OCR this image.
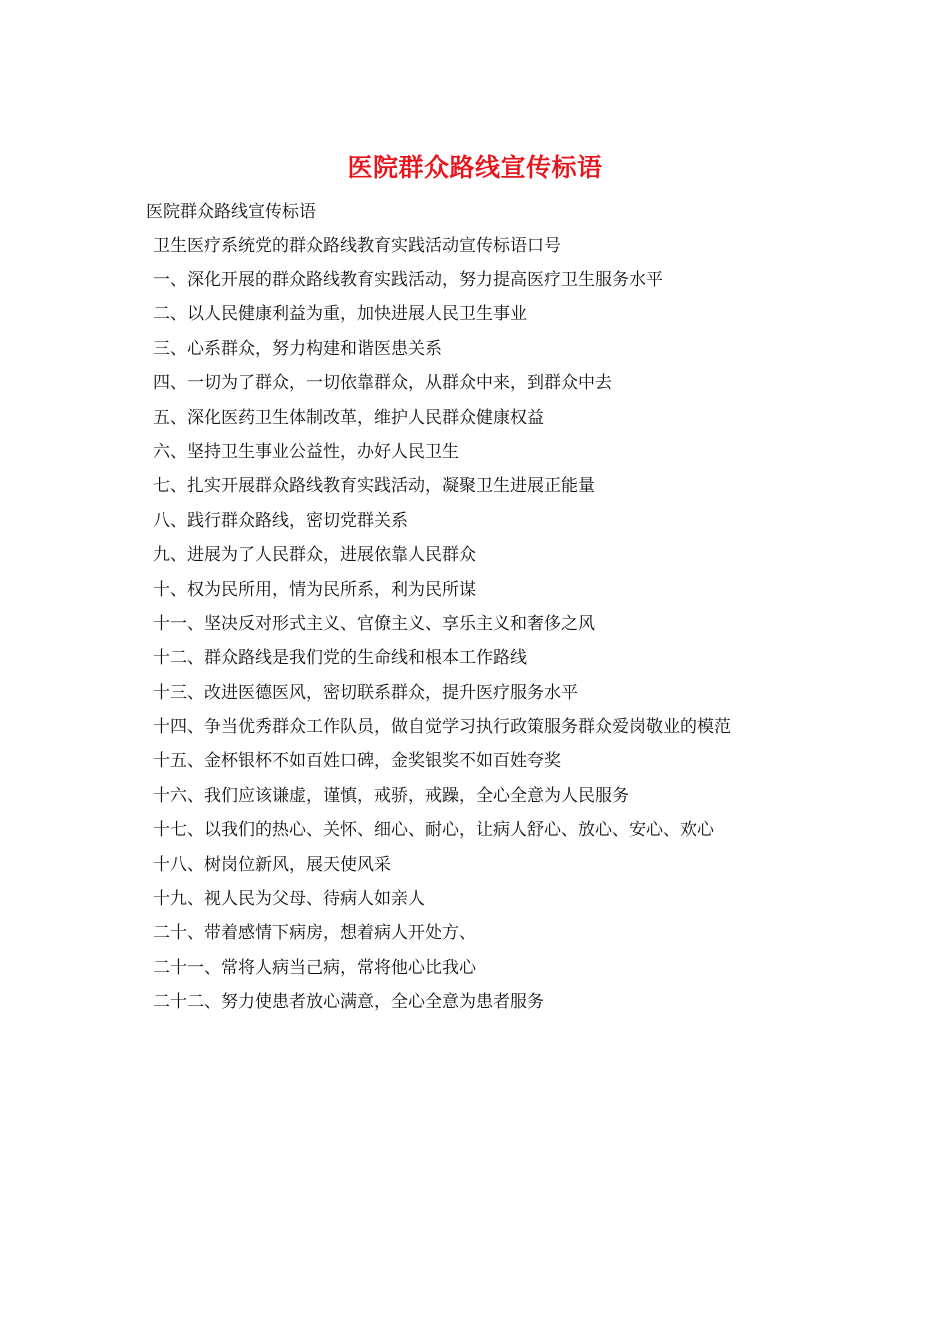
医院群众路线宣传标语
医院群众路线宣传标语
卫生医疗系统党的群众路线教育实践活动宣传标语口号
一、深化开展的群众路线教育实践活动，努力提高医疗卫生服务水平
二、以人民健康利益为重，加快进展人民卫生事业
三、心系群众，努力构建和谐医患关系
四、一切为了群众，一切依靠群众，从群众中来，到群众中去
五、深化医药卫生体制改革，维护人民群众健康权益
六、坚持卫生事业公益性，办好人民卫生
七、扎实开展群众路线教育实践活动，凝聚卫生进展正能量
八、践行群众路线，密切党群关系
九、进展为了人民群众，进展依靠人民群众
十、权为民所用，情为民所系，利为民所谋
十一、坚决反对形式主义、官僚主义、享乐主义和奢侈之风
十二、群众路线是我们党的生命线和根本工作路线
十三、改进医德医风，密切联系群众，提升医疗服务水平
十四、争当优秀群众工作队员，做自觉学习执行政策服务群众爱岗敬业的模范
十五、金杯银杯不如百姓口碑，金奖银奖不如百姓夸奖
十六、我们应该谦虚，谨慎，戒骄，戒躁，全心全意为人民服务
十七、以我们的热心、关怀、细心、耐心，让病人舒心、放心、安心、欢心
十八、树岗位新风，展天使风采
十九、视人民为父母、待病人如亲人
二十、带着感情下病房，想着病人开处方、
二十一、常将人病当己病，常将他心比我心
二十二、努力使患者放心满意，全心全意为患者服务
